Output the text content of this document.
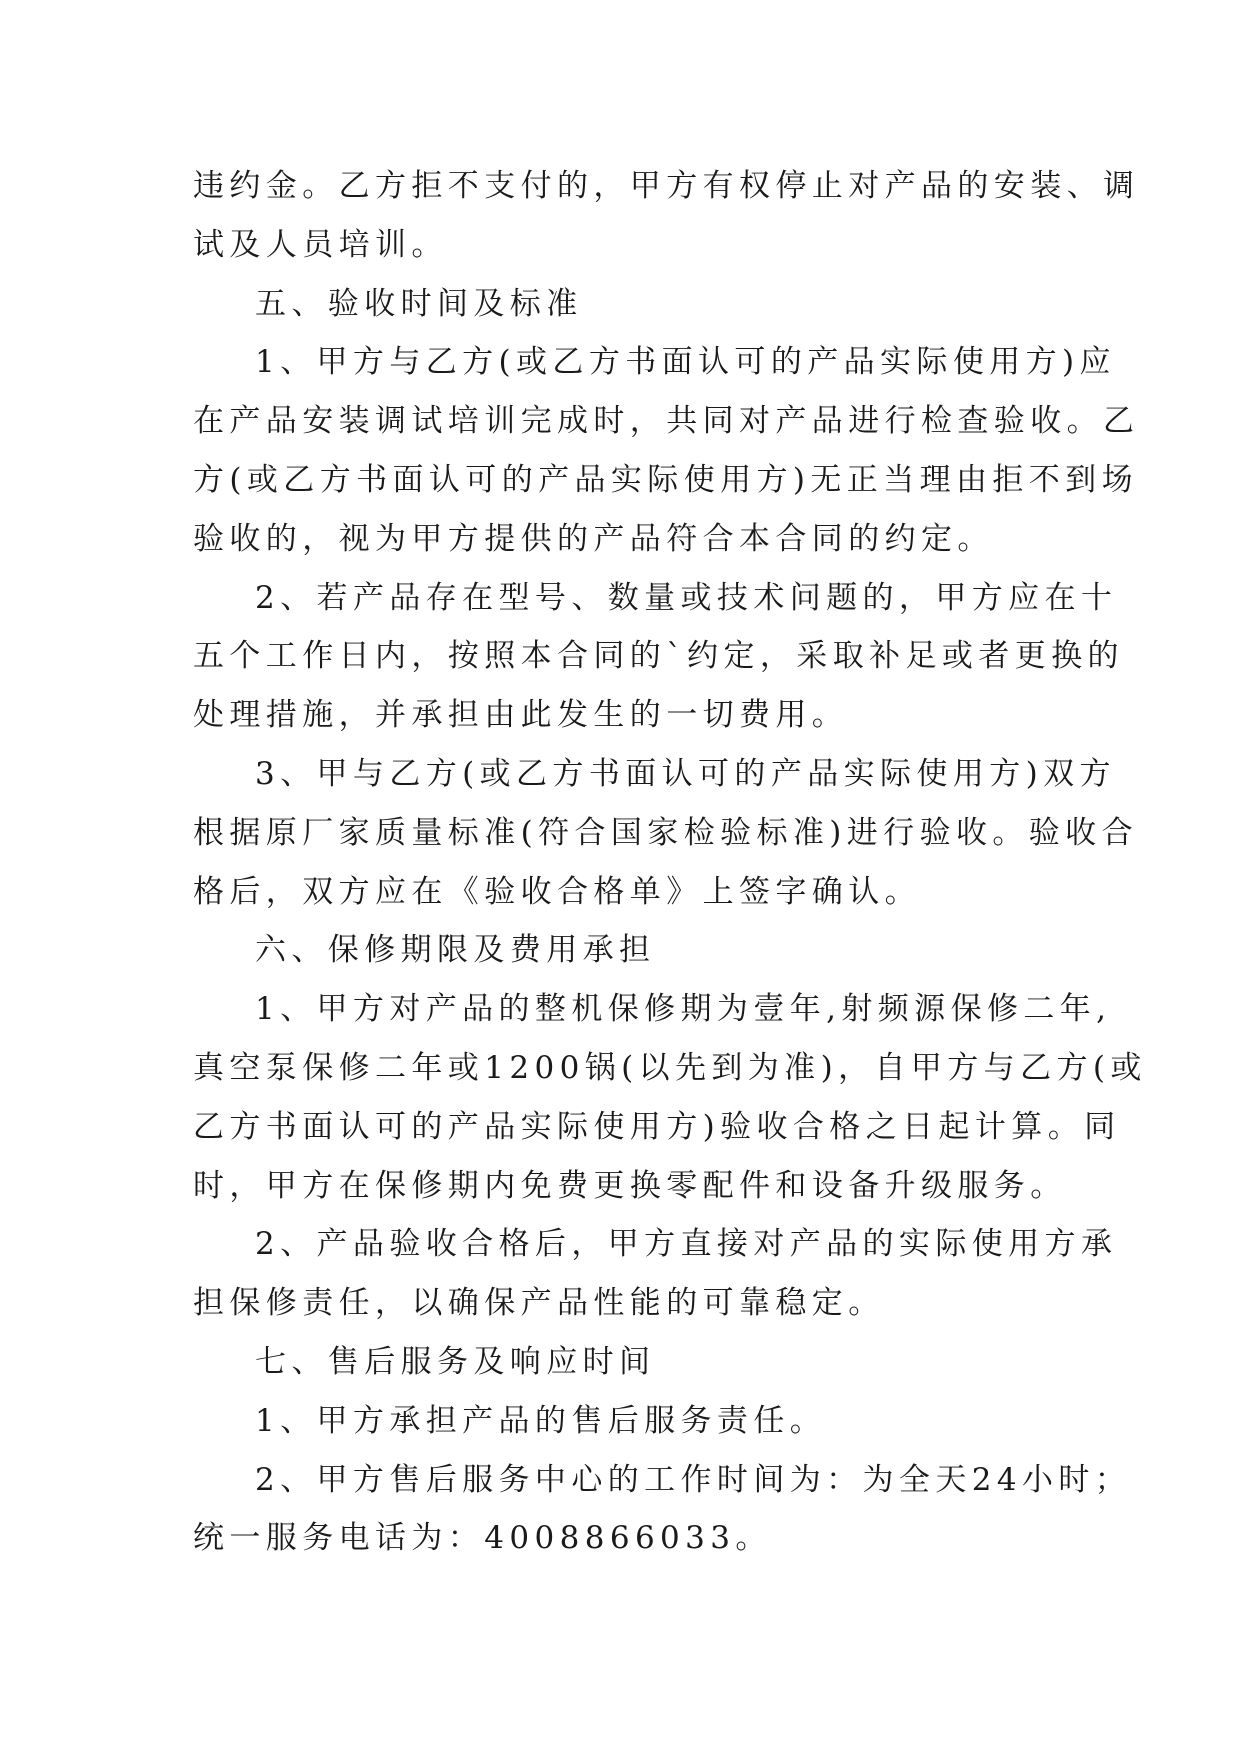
违约金。乙方拒不支付的，甲方有权停止对产品的安装、调
试及人员培训。
五、验收时间及标准
1、甲方与乙方(或乙方书面认可的产品实际使用方)应
在产品安装调试培训完成时，共同对产品进行检查验收。乙
方(或乙方书面认可的产品实际使用方)无正当理由拒不到场
验收的，视为甲方提供的产品符合本合同的约定。
2、若产品存在型号、数量或技术问题的，甲方应在十
五个工作日内，按照本合同的`约定，采取补足或者更换的
处理措施，并承担由此发生的一切费用。
3、甲与乙方(或乙方书面认可的产品实际使用方)双方
根据原厂家质量标准(符合国家检验标准)进行验收。验收合
格后，双方应在《验收合格单》上签字确认。
六、保修期限及费用承担
1、甲方对产品的整机保修期为壹年,射频源保修二年,
真空泵保修二年或1200锅(以先到为准)，自甲方与乙方(或
乙方书面认可的产品实际使用方)验收合格之日起计算。同
时，甲方在保修期内免费更换零配件和设备升级服务。
2、产品验收合格后，甲方直接对产品的实际使用方承
担保修责任，以确保产品性能的可靠稳定。
七、售后服务及响应时间
1、甲方承担产品的售后服务责任。
2、甲方售后服务中心的工作时间为：为全天24小时；
统一服务电话为：4008866033。
